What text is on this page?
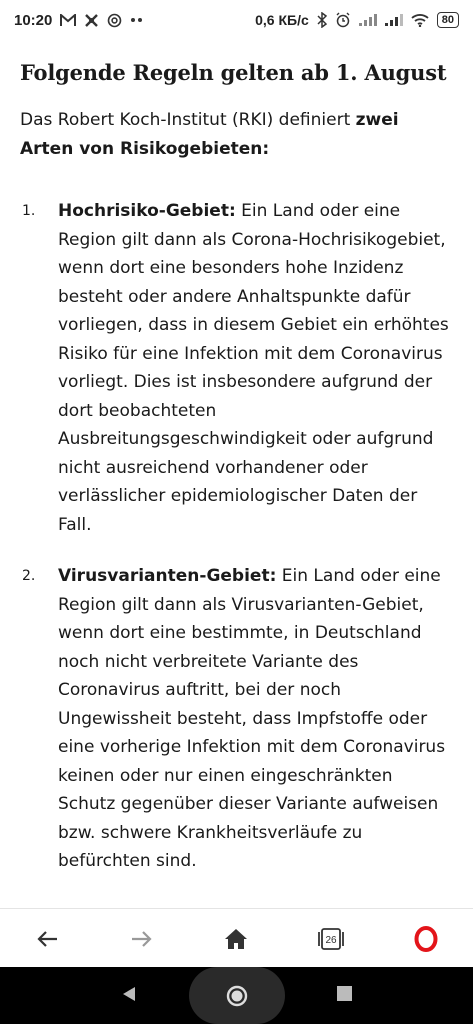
10:20	0,6 КБ/с	80
Folgende Regeln gelten ab 1. August

Das Robert Koch-Institut (RKI) definiert zwei Arten von Risikogebieten:

1. Hochrisiko-Gebiet: Ein Land oder eine Region gilt dann als Corona-Hochrisikogebiet, wenn dort eine besonders hohe Inzidenz besteht oder andere Anhaltspunkte dafür vorliegen, dass in diesem Gebiet ein erhöhtes Risiko für eine Infektion mit dem Coronavirus vorliegt. Dies ist insbesondere aufgrund der dort beobachteten Ausbreitungsgeschwindigkeit oder aufgrund nicht ausreichend vorhandener oder verlässlicher epidemiologischer Daten der Fall.
2. Virusvarianten-Gebiet: Ein Land oder eine Region gilt dann als Virusvarianten-Gebiet, wenn dort eine bestimmte, in Deutschland noch nicht verbreitete Variante des Coronavirus auftritt, bei der noch Ungewissheit besteht, dass Impfstoffe oder eine vorherige Infektion mit dem Coronavirus keinen oder nur einen eingeschränkten Schutz gegenüber dieser Variante aufweisen bzw. schwere Krankheitsverläufe zu befürchten sind.
26
